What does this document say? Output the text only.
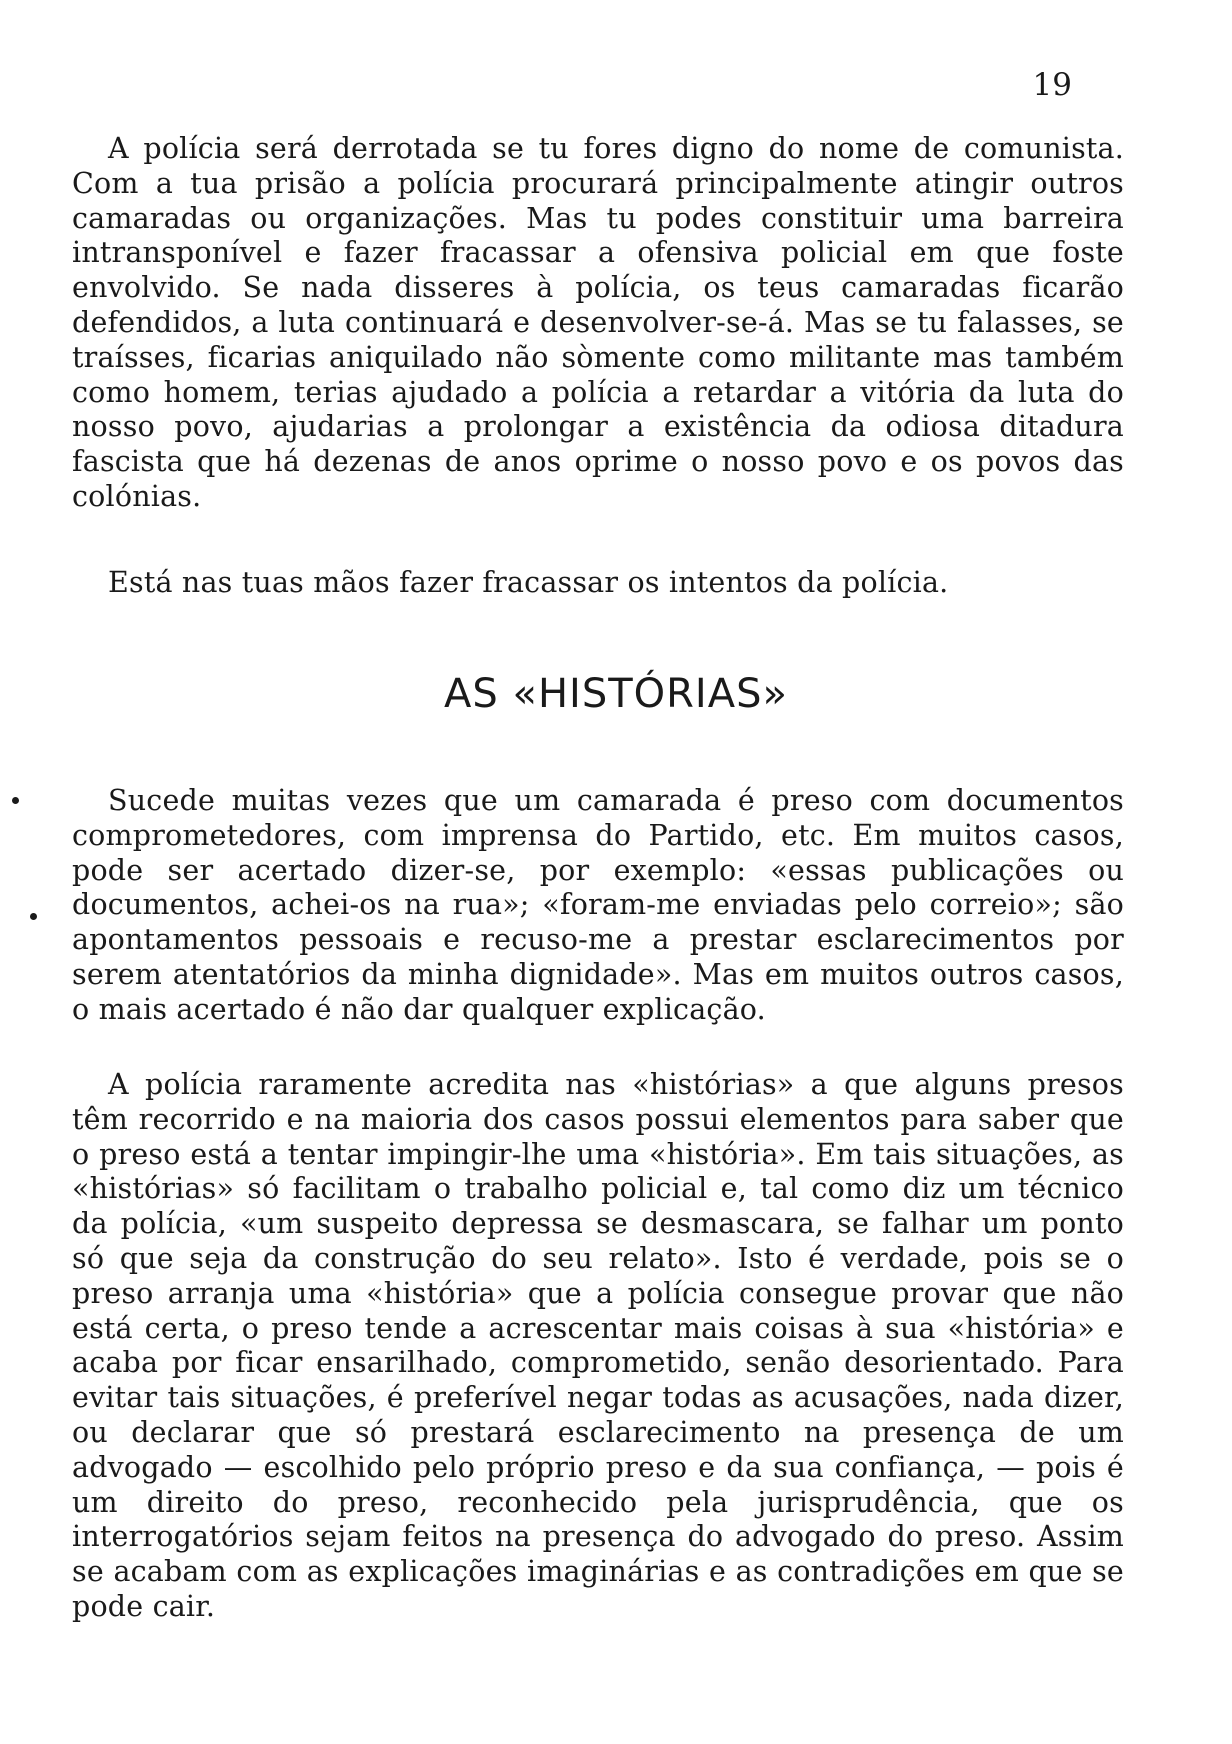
19

A polícia será derrotada se tu fores digno do nome de comunista. Com a tua prisão a polícia procurará principalmente atingir outros camaradas ou organizações. Mas tu podes constituir uma barreira intransponível e fazer fracassar a ofensiva policial em que foste envolvido. Se nada disseres à polícia, os teus camaradas ficarão defendidos, a luta continuará e desenvolver-se-á. Mas se tu falasses, se traísses, ficarias aniquilado não sòmente como militante mas também como homem, terias ajudado a polícia a retardar a vitória da luta do nosso povo, ajudarias a prolongar a existência da odiosa ditadura fascista que há dezenas de anos oprime o nosso povo e os povos das colónias.

Está nas tuas mãos fazer fracassar os intentos da polícia.

AS «HISTÓRIAS»

Sucede muitas vezes que um camarada é preso com documentos comprometedores, com imprensa do Partido, etc. Em muitos casos, pode ser acertado dizer-se, por exemplo: «essas publicações ou documentos, achei-os na rua»; «foram-me enviadas pelo correio»; são apontamentos pessoais e recuso-me a prestar esclarecimentos por serem atentatórios da minha dignidade». Mas em muitos outros casos, o mais acertado é não dar qualquer explicação.

A polícia raramente acredita nas «histórias» a que alguns presos têm recorrido e na maioria dos casos possui elementos para saber que o preso está a tentar impingir-lhe uma «história». Em tais situações, as «histórias» só facilitam o trabalho policial e, tal como diz um técnico da polícia, «um suspeito depressa se desmascara, se falhar um ponto só que seja da construção do seu relato». Isto é verdade, pois se o preso arranja uma «história» que a polícia consegue provar que não está certa, o preso tende a acrescentar mais coisas à sua «história» e acaba por ficar ensarilhado, comprometido, senão desorientado. Para evitar tais situações, é preferível negar todas as acusações, nada dizer, ou declarar que só prestará esclarecimento na presença de um advogado — escolhido pelo próprio preso e da sua confiança, — pois é um direito do preso, reconhecido pela jurisprudência, que os interrogatórios sejam feitos na presença do advogado do preso. Assim se acabam com as explicações imaginárias e as contradições em que se pode cair.
